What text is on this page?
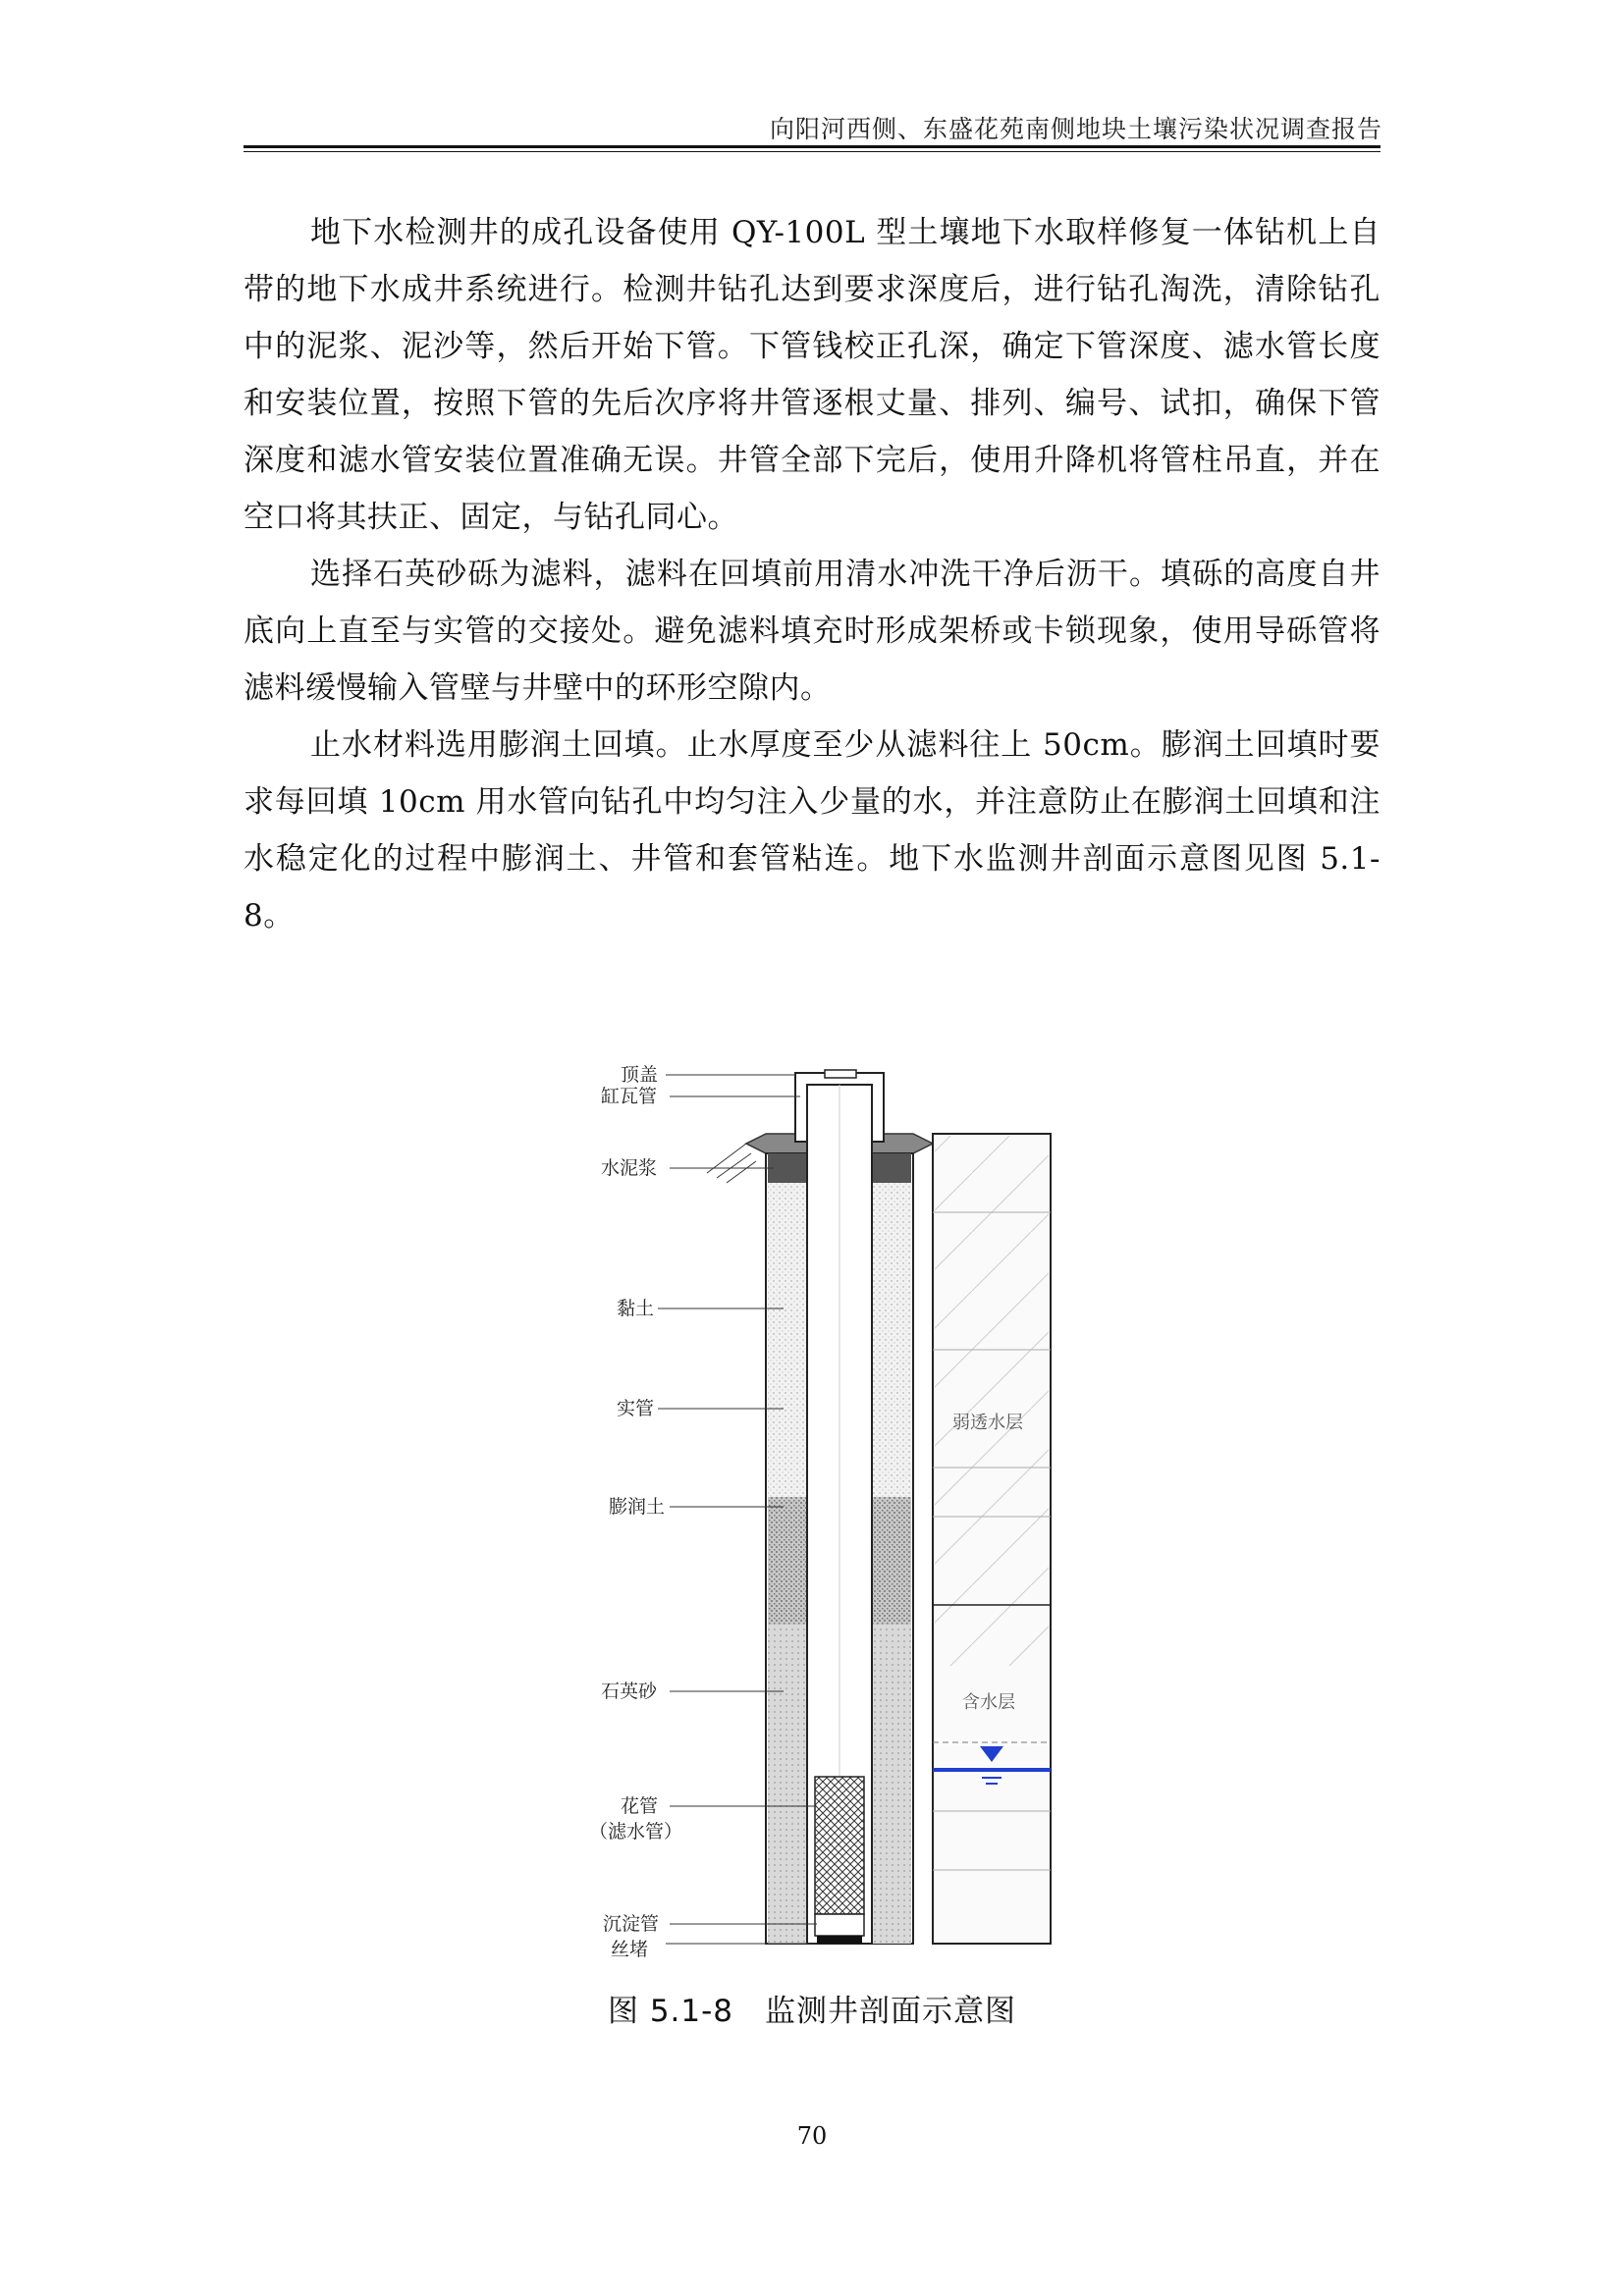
向阳河西侧、东盛花苑南侧地块土壤污染状况调查报告

地下水检测井的成孔设备使用 QY-100L 型土壤地下水取样修复一体钻机上自带的地下水成井系统进行。检测井钻孔达到要求深度后，进行钻孔淘洗，清除钻孔中的泥浆、泥沙等，然后开始下管。下管钱校正孔深，确定下管深度、滤水管长度和安装位置，按照下管的先后次序将井管逐根丈量、排列、编号、试扣，确保下管深度和滤水管安装位置准确无误。井管全部下完后，使用升降机将管柱吊直，并在空口将其扶正、固定，与钻孔同心。

选择石英砂砾为滤料，滤料在回填前用清水冲洗干净后沥干。填砾的高度自井底向上直至与实管的交接处。避免滤料填充时形成架桥或卡锁现象，使用导砾管将滤料缓慢输入管壁与井壁中的环形空隙内。

止水材料选用膨润土回填。止水厚度至少从滤料往上 50cm。膨润土回填时要求每回填 10cm 用水管向钻孔中均匀注入少量的水，并注意防止在膨润土回填和注水稳定化的过程中膨润土、井管和套管粘连。地下水监测井剖面示意图见图 5.1-8。

弱透水层
含水层
顶盖
缸瓦管
水泥浆
黏土
实管
膨润土
石英砂
花管
（滤水管）
沉淀管
丝堵
图 5.1-8　监测井剖面示意图
70
